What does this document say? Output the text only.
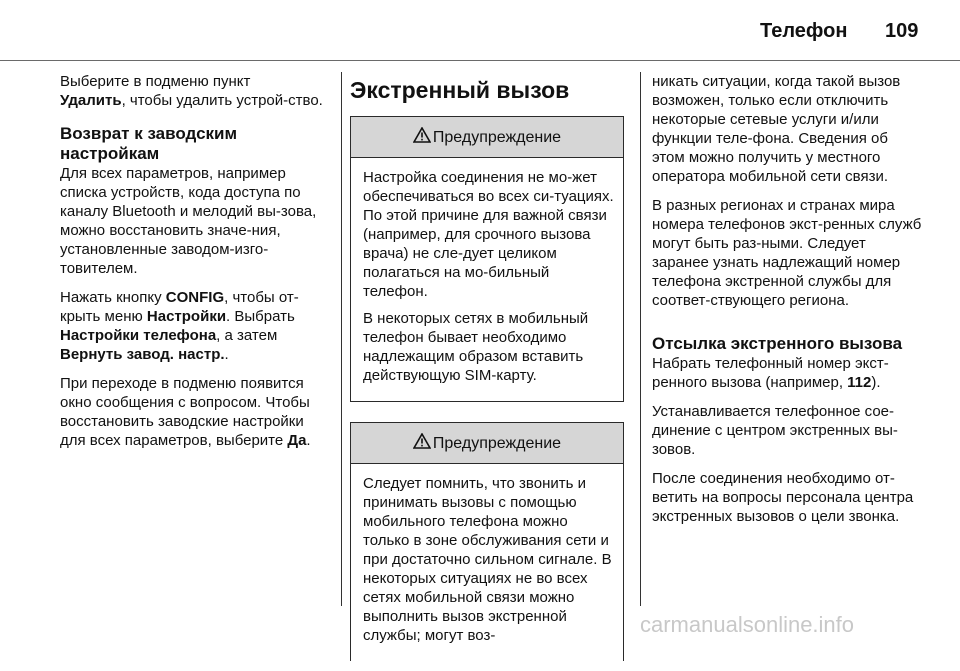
Телефон 109

Выберите в подменю пункт
Удалить, чтобы удалить устрой-ство.

Возврат к заводским настройкам

Для всех параметров, например списка устройств, кода доступа по каналу Bluetooth и мелодий вы-зова, можно восстановить значе-ния, установленные заводом-изго-товителем.

Нажать кнопку CONFIG, чтобы от-крыть меню Настройки. Выбрать Настройки телефона, а затем Вернуть завод. настр..

При переходе в подменю появится окно сообщения с вопросом. Чтобы восстановить заводские настройки для всех параметров, выберите Да.

Экстренный вызов
Предупреждение

Настройка соединения не мо-жет обеспечиваться во всех си-туациях. По этой причине для важной связи (например, для срочного вызова врача) не сле-дует целиком полагаться на мо-бильный телефон.

В некоторых сетях в мобильный телефон бывает необходимо надлежащим образом вставить действующую SIM-карту.

Предупреждение

Следует помнить, что звонить и принимать вызовы с помощью мобильного телефона можно только в зоне обслуживания сети и при достаточно сильном сигнале. В некоторых ситуациях не во всех сетях мобильной связи можно выполнить вызов экстренной службы; могут воз-

никать ситуации, когда такой вызов возможен, только если отключить некоторые сетевые услуги и/или функции теле-фона. Сведения об этом можно получить у местного оператора мобильной сети связи.

В разных регионах и странах мира номера телефонов экст-ренных служб могут быть раз-ными. Следует заранее узнать надлежащий номер телефона экстренной службы для соответ-ствующего региона.

Отсылка экстренного вызова

Набрать телефонный номер экст-ренного вызова (например, 112).

Устанавливается телефонное сое-динение с центром экстренных вы-зовов.

После соединения необходимо от-ветить на вопросы персонала центра экстренных вызовов о цели звонка.

carmanualsonline.info
